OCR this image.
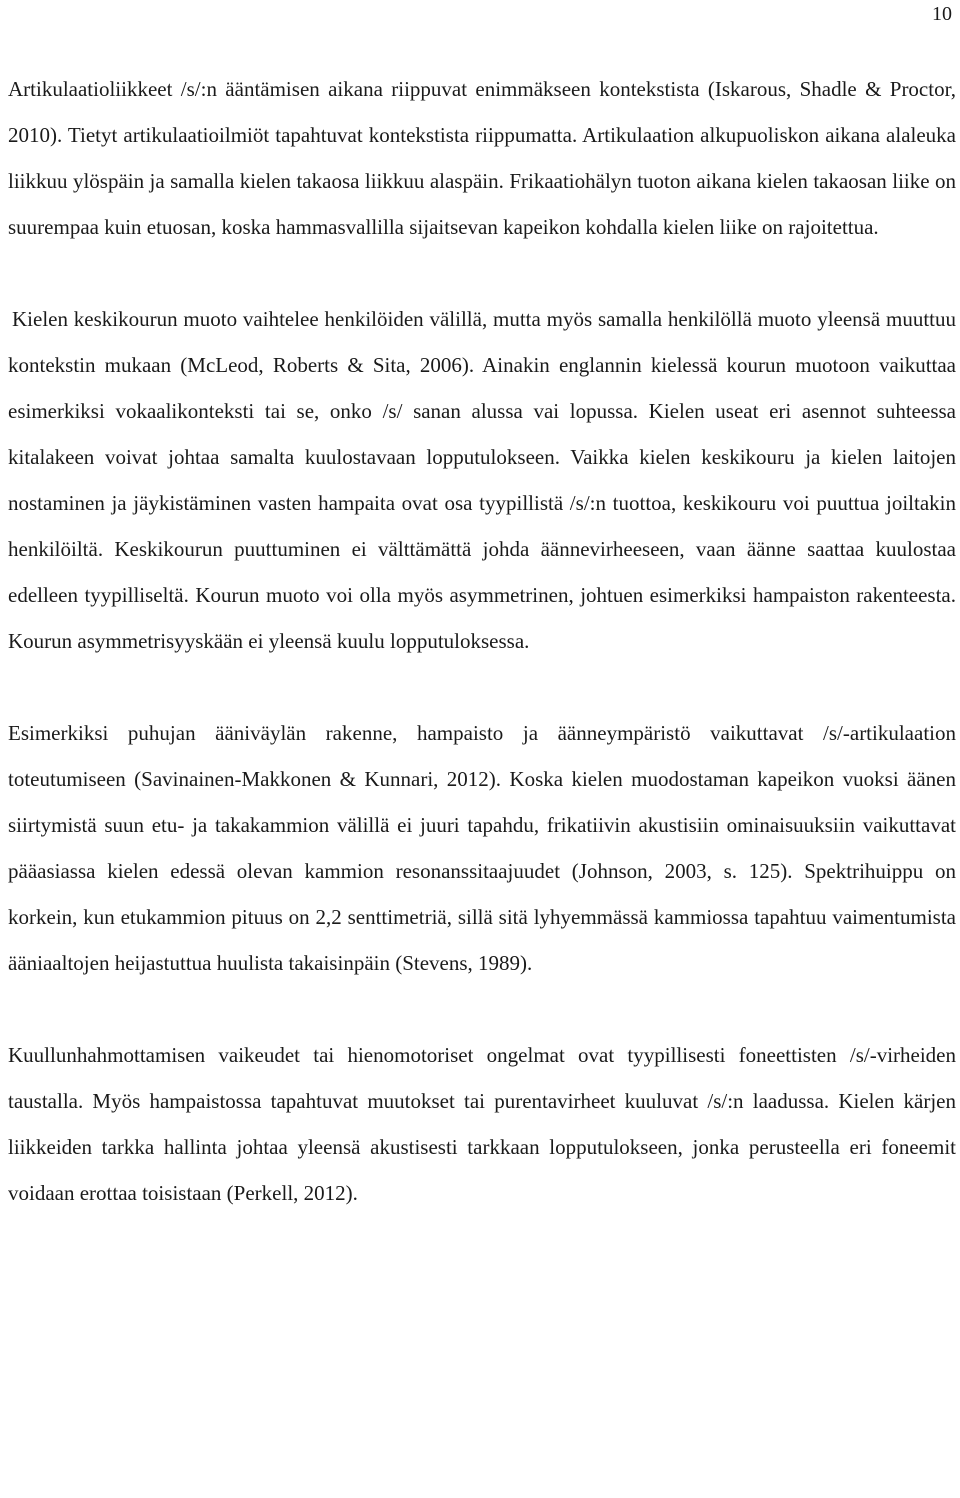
10

Artikulaatioliikkeet /s/:n ääntämisen aikana riippuvat enimmäkseen kontekstista (Iskarous, Shadle & Proctor, 2010). Tietyt artikulaatioilmiöt tapahtuvat kontekstista riippumatta. Artikulaation alkupuoliskon aikana alaleuka liikkuu ylöspäin ja samalla kielen takaosa liikkuu alaspäin. Frikaatiohälyn tuoton aikana kielen takaosan liike on suurempaa kuin etuosan, koska hammasvallilla sijaitsevan kapeikon kohdalla kielen liike on rajoitettua.

Kielen keskikourun muoto vaihtelee henkilöiden välillä, mutta myös samalla henkilöllä muoto yleensä muuttuu kontekstin mukaan (McLeod, Roberts & Sita, 2006). Ainakin englannin kielessä kourun muotoon vaikuttaa esimerkiksi vokaalikonteksti tai se, onko /s/ sanan alussa vai lopussa. Kielen useat eri asennot suhteessa kitalakeen voivat johtaa samalta kuulostavaan lopputulokseen. Vaikka kielen keskikouru ja kielen laitojen nostaminen ja jäykistäminen vasten hampaita ovat osa tyypillistä /s/:n tuottoa, keskikouru voi puuttua joiltakin henkilöiltä. Keskikourun puuttuminen ei välttämättä johda äännevirheeseen, vaan äänne saattaa kuulostaa edelleen tyypilliseltä. Kourun muoto voi olla myös asymmetrinen, johtuen esimerkiksi hampaiston rakenteesta. Kourun asymmetrisyyskään ei yleensä kuulu lopputuloksessa.

Esimerkiksi puhujan ääniväylän rakenne, hampaisto ja äänneympäristö vaikuttavat /s/-artikulaation toteutumiseen (Savinainen-Makkonen & Kunnari, 2012). Koska kielen muodostaman kapeikon vuoksi äänen siirtymistä suun etu- ja takakammion välillä ei juuri tapahdu, frikatiivin akustisiin ominaisuuksiin vaikuttavat pääasiassa kielen edessä olevan kammion resonanssitaajuudet (Johnson, 2003, s. 125). Spektrihuippu on korkein, kun etukammion pituus on 2,2 senttimetriä, sillä sitä lyhyemmässä kammiossa tapahtuu vaimentumista ääniaaltojen heijastuttua huulista takaisinpäin (Stevens, 1989).

Kuullunhahmottamisen vaikeudet tai hienomotoriset ongelmat ovat tyypillisesti foneettisten /s/-virheiden taustalla. Myös hampaistossa tapahtuvat muutokset tai purentavirheet kuuluvat /s/:n laadussa. Kielen kärjen liikkeiden tarkka hallinta johtaa yleensä akustisesti tarkkaan lopputulokseen, jonka perusteella eri foneemit voidaan erottaa toisistaan (Perkell, 2012).
